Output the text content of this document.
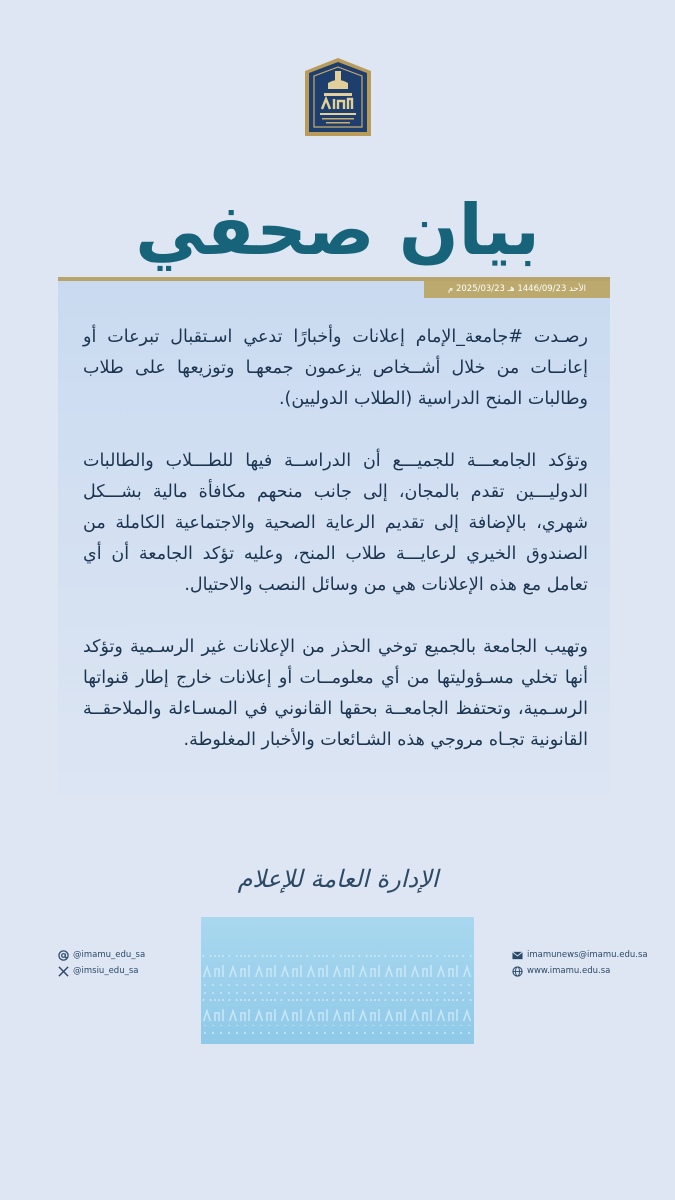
بيان صحفي
الأحد 1446/09/23 هـ 2025/03/23 م

رصـدت #جامعة_الإمام إعلانات وأخبارًا تدعي اسـتقبال تبرعات أو إعانــات من خلال أشــخاص يزعمون جمعهـا وتوزيعها على طلاب وطالبات المنح الدراسية (الطلاب الدوليين).

وتؤكد الجامعـــة للجميـــع أن الدراســة فيها للطـــلاب والطالبات الدوليـــين تقدم بالمجان، إلى جانب منحهم مكافأة مالية بشـــكل شهري، بالإضافة إلى تقديم الرعاية الصحية والاجتماعية الكاملة من الصندوق الخيري لرعايـــة طلاب المنح، وعليه تؤكد الجامعة أن أي تعامل مع هذه الإعلانات هي من وسائل النصب والاحتيال.

وتهيب الجامعة بالجميع توخي الحذر من الإعلانات غير الرسـمية وتؤكد أنها تخلي مسـؤوليتها من أي معلومــات أو إعلانات خارج إطار قنواتها الرسـمية، وتحتفظ الجامعــة بحقها القانوني في المسـاءلة والملاحقــة القانونية تجـاه مروجي هذه الشـائعات والأخبار المغلوطة.

الإدارة العامة للإعلام
@imamu_edu_sa
@imsiu_edu_sa
imamunews@imamu.edu.sa
www.imamu.edu.sa
